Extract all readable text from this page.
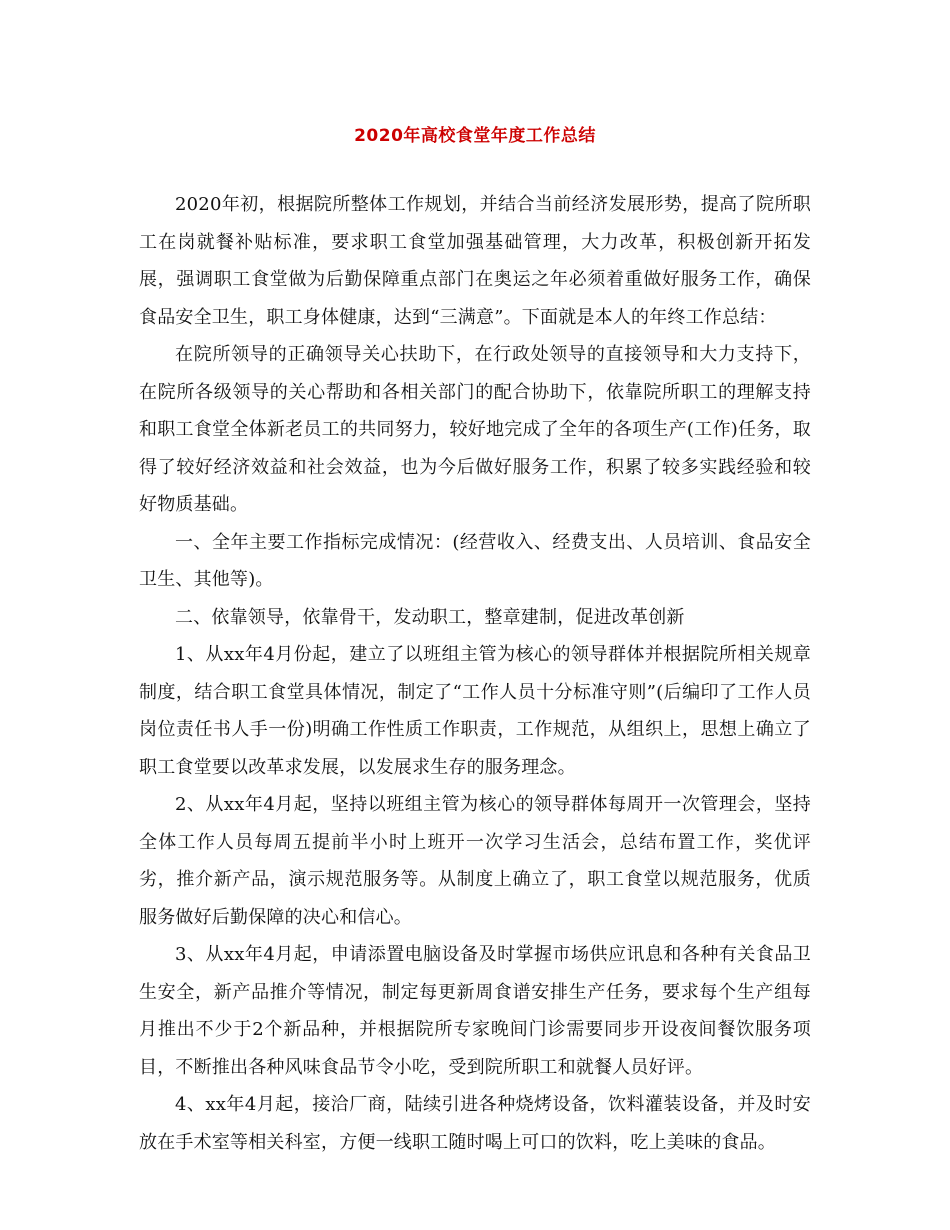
2020年高校食堂年度工作总结

2020年初，根据院所整体工作规划，并结合当前经济发展形势，提高了院所职工在岗就餐补贴标准，要求职工食堂加强基础管理，大力改革，积极创新开拓发展，强调职工食堂做为后勤保障重点部门在奥运之年必须着重做好服务工作，确保食品安全卫生，职工身体健康，达到“三满意”。下面就是本人的年终工作总结：

在院所领导的正确领导关心扶助下，在行政处领导的直接领导和大力支持下，在院所各级领导的关心帮助和各相关部门的配合协助下，依靠院所职工的理解支持和职工食堂全体新老员工的共同努力，较好地完成了全年的各项生产(工作)任务，取得了较好经济效益和社会效益，也为今后做好服务工作，积累了较多实践经验和较好物质基础。

一、全年主要工作指标完成情况：(经营收入、经费支出、人员培训、食品安全卫生、其他等)。

二、依靠领导，依靠骨干，发动职工，整章建制，促进改革创新

1、从xx年4月份起，建立了以班组主管为核心的领导群体并根据院所相关规章制度，结合职工食堂具体情况，制定了“工作人员十分标准守则”(后编印了工作人员岗位责任书人手一份)明确工作性质工作职责，工作规范，从组织上，思想上确立了职工食堂要以改革求发展，以发展求生存的服务理念。

2、从xx年4月起，坚持以班组主管为核心的领导群体每周开一次管理会，坚持全体工作人员每周五提前半小时上班开一次学习生活会，总结布置工作，奖优评劣，推介新产品，演示规范服务等。从制度上确立了，职工食堂以规范服务，优质服务做好后勤保障的决心和信心。

3、从xx年4月起，申请添置电脑设备及时掌握市场供应讯息和各种有关食品卫生安全，新产品推介等情况，制定每更新周食谱安排生产任务，要求每个生产组每月推出不少于2个新品种，并根据院所专家晚间门诊需要同步开设夜间餐饮服务项目，不断推出各种风味食品节令小吃，受到院所职工和就餐人员好评。

4、xx年4月起，接洽厂商，陆续引进各种烧烤设备，饮料灌装设备，并及时安放在手术室等相关科室，方便一线职工随时喝上可口的饮料，吃上美味的食品。
